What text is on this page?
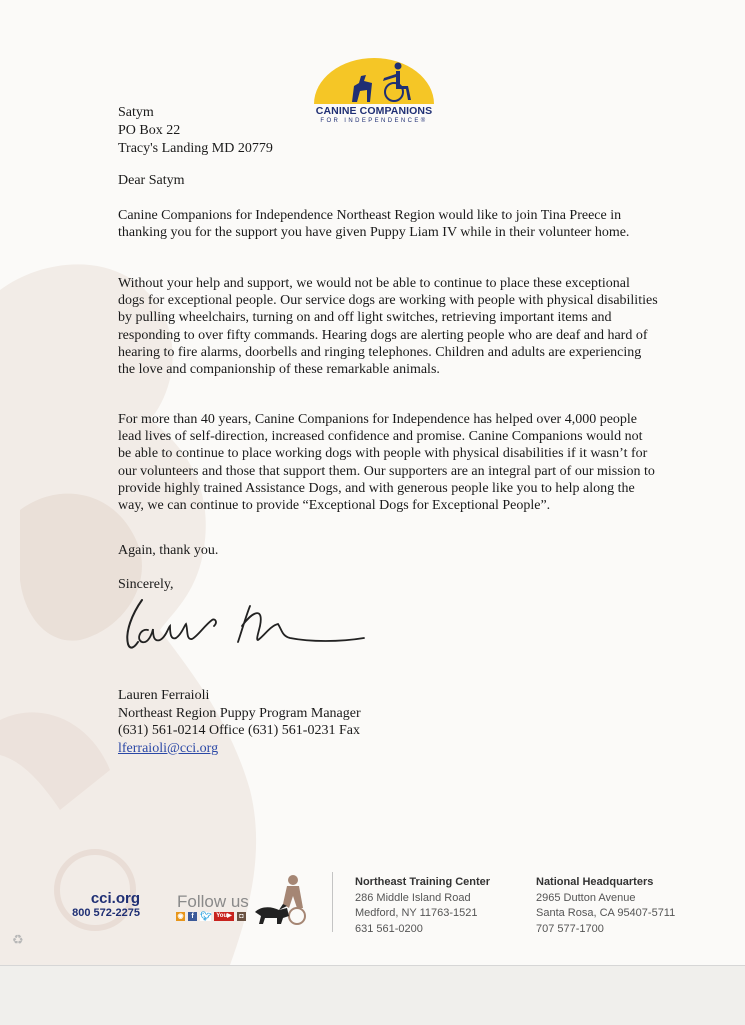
CANINE COMPANIONS
FOR INDEPENDENCE®
Satym
PO Box 22
Tracy's Landing MD 20779
Dear Satym
Canine Companions for Independence Northeast Region would like to join Tina Preece in thanking you for the support you have given Puppy Liam IV while in their volunteer home.
Without your help and support, we would not be able to continue to place these exceptional dogs for exceptional people. Our service dogs are working with people with physical disabilities by pulling wheelchairs, turning on and off light switches, retrieving important items and responding to over fifty commands. Hearing dogs are alerting people who are deaf and hard of hearing to fire alarms, doorbells and ringing telephones. Children and adults are experiencing the love and companionship of these remarkable animals.
For more than 40 years, Canine Companions for Independence has helped over 4,000 people lead lives of self-direction, increased confidence and promise. Canine Companions would not be able to continue to place working dogs with people with physical disabilities if it wasn’t for our volunteers and those that support them. Our supporters are an integral part of our mission to provide highly trained Assistance Dogs, and with generous people like you to help along the way, we can continue to provide “Exceptional Dogs for Exceptional People”.
Again, thank you.
Sincerely,
Lauren Ferraioli
Northeast Region Puppy Program Manager
(631) 561-0214 Office (631) 561-0231 Fax
lferraioli@cci.org
cci.org
800 572-2275
Follow us
◉	f 🐦︎ You▶	◘
Northeast Training Center
286 Middle Island Road
Medford, NY 11763-1521
631 561-0200
National Headquarters
2965 Dutton Avenue
Santa Rosa, CA 95407-5711
707 577-1700
♻
